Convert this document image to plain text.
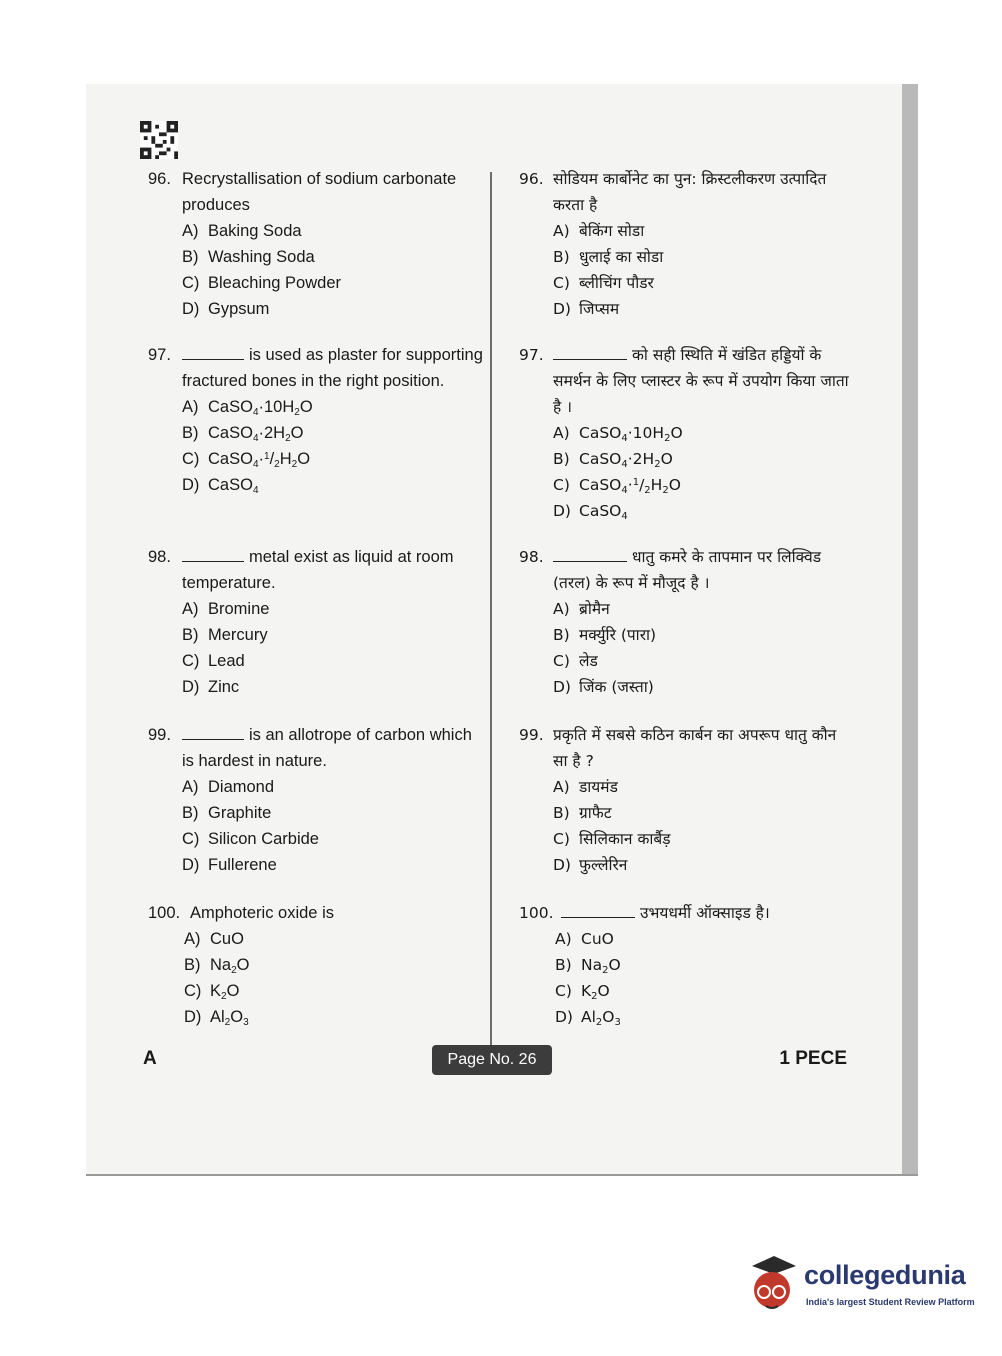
96. Recrystallisation of sodium carbonate produces
A) Baking Soda
B) Washing Soda
C) Bleaching Powder
D) Gypsum
97.	is used as plaster for supporting fractured bones in the right position.
A) $CaSO_4\cdot 10H_2O$
B) $CaSO_4\cdot 2H_2O$
C) $CaSO_4\cdot^1/_2H_2O$
D) CaSO$_4$
98.	metal exist as liquid at room temperature.
A) Bromine
B) Mercury
C) Lead
D) Zinc
99.	is an allotrope of carbon which is hardest in nature.
A) Diamond
B) Graphite
C) Silicon Carbide
D) Fullerene
100. Amphoteric oxide is
A) CuO
B) $Na_2O$
C) $K_2O$
D) $Al_2O_3$
96. सोडियम कार्बोनेट का पुन: क्रिस्टलीकरण उत्पादित करता है
A) बेकिंग सोडा
B) धुलाई का सोडा
C) ब्लीचिंग पौडर
D) जिप्सम
97.	को सही स्थिति में खंडित हड्डियों के समर्थन के लिए प्लास्टर के रूप में उपयोग किया जाता है ।
A) $CaSO_4\cdot 10H_2O$
B) $CaSO_4\cdot 2H_2O$
C) $CaSO_4\cdot^1/_2H_2O$
D) CaSO$_4$
98.	धातु कमरे के तापमान पर लिक्विड (तरल) के रूप में मौजूद है ।
A) ब्रोमैन
B) मर्क्युरि (पारा)
C) लेड
D) जिंक (जस्ता)
99. प्रकृति में सबसे कठिन कार्बन का अपरूप धातु कौन सा है ?
A) डायमंड
B) ग्राफैट
C) सिलिकान कार्बैड़
D) फुल्लेरिन
100.	उभयधर्मी ऑक्साइड है।
A) CuO
B) $Na_2O$
C) $K_2O$
D) $Al_2O_3$
A	Page No. 26	1 PECE
collegedunia
India's largest Student Review Platform
